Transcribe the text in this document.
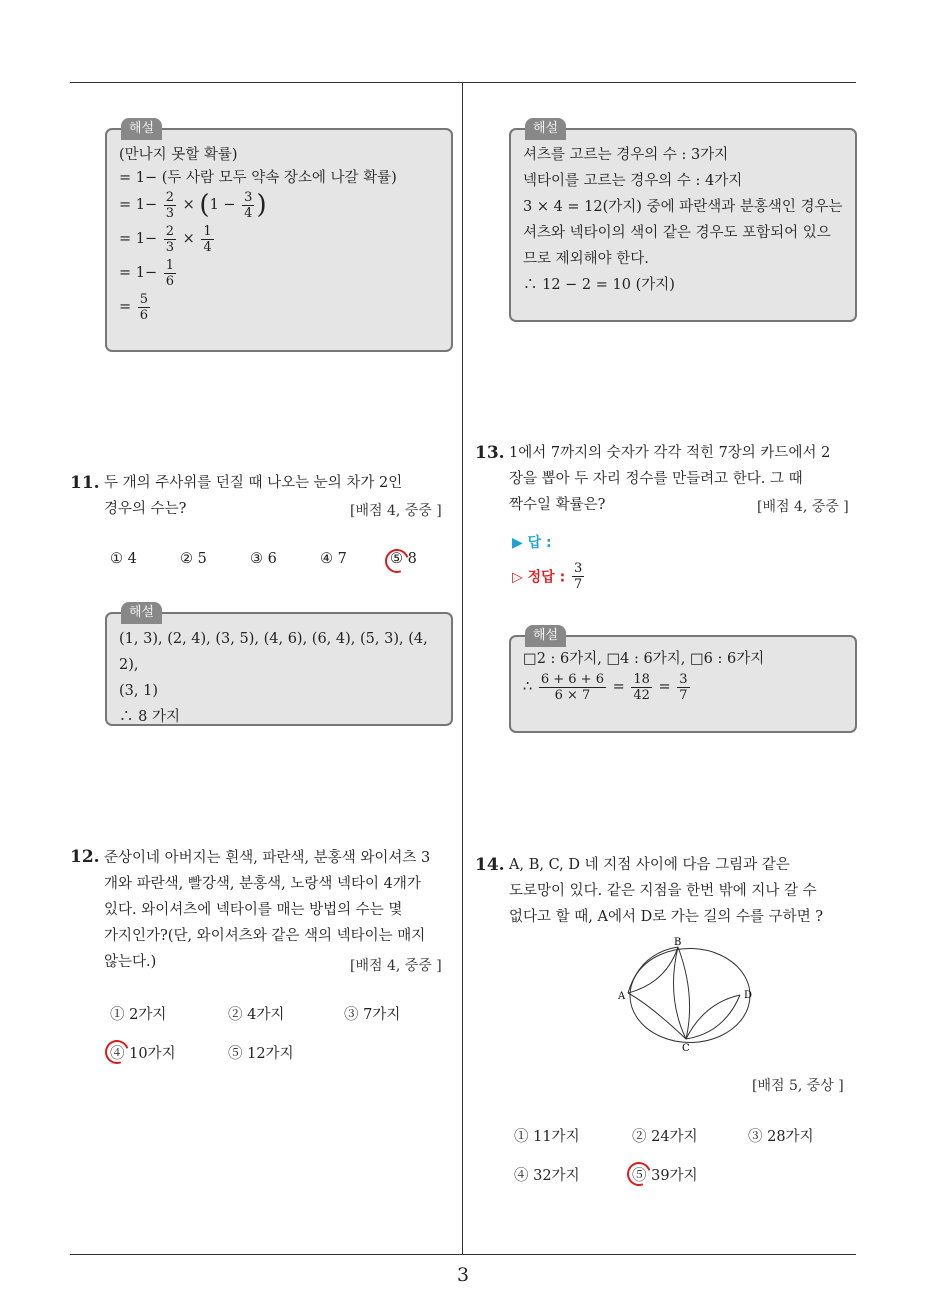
해설
(만나지 못할 확률)
= 1− (두 사람 모두 약속 장소에 나갈 확률)
= $1- \frac{2}{3} \times (1 - \frac{3}{4}$ )
= $1- \frac{2}{3} \times \frac{1}{4}$
= $1- \frac{1}{6}$
= $\frac{5}{6}$
11. 두 개의 주사위를 던질 때 나오는 눈의 차가 2인
경우의 수는?	[배점 4, 중중 ]
① 4	② 5	③ 6	④ 7	⑤ 8
해설
(1, 3), (2, 4), (3, 5), (4, 6), (6, 4), (5, 3), (4, 2),
(3, 1)
∴ 8 가지
12. 준상이네 아버지는 흰색, 파란색, 분홍색 와이셔츠 3
개와 파란색, 빨강색, 분홍색, 노랑색 넥타이 4개가
있다. 와이셔츠에 넥타이를 매는 방법의 수는 몇
가지인가?(단, 와이셔츠와 같은 색의 넥타이는 매지
않는다.)	[배점 4, 중중 ]
① 2가지	② 4가지	③ 7가지
④ 10가지	⑤ 12가지
해설
셔츠를 고르는 경우의 수 : 3가지
넥타이를 고르는 경우의 수 : 4가지
3 × 4 = 12(가지) 중에 파란색과 분홍색인 경우는
셔츠와 넥타이의 색이 같은 경우도 포함되어 있으
므로 제외해야 한다.
∴ 12 − 2 = 10 (가지)
13. 1에서 7까지의 숫자가 각각 적힌 7장의 카드에서 2
장을 뽑아 두 자리 정수를 만들려고 한다. 그 때
짝수일 확률은?	[배점 4, 중중 ]
▶ 답 :
▷ 정답 : $\frac{3}{7}$
해설
□2 : 6가지, □4 : 6가지, □6 : 6가지
∴ $\frac{6 + 6 + 6}{6 \times 7} = \frac{18}{42} = \frac{3}{7}$
14. A, B, C, D 네 지점 사이에 다음 그림과 같은
도로망이 있다. 같은 지점을 한번 밖에 지나 갈 수
없다고 할 때, A에서 D로 가는 길의 수를 구하면 ?
A
B
C
D
[배점 5, 중상 ]
① 11가지	② 24가지	③ 28가지
④ 32가지	⑤ 39가지
3
